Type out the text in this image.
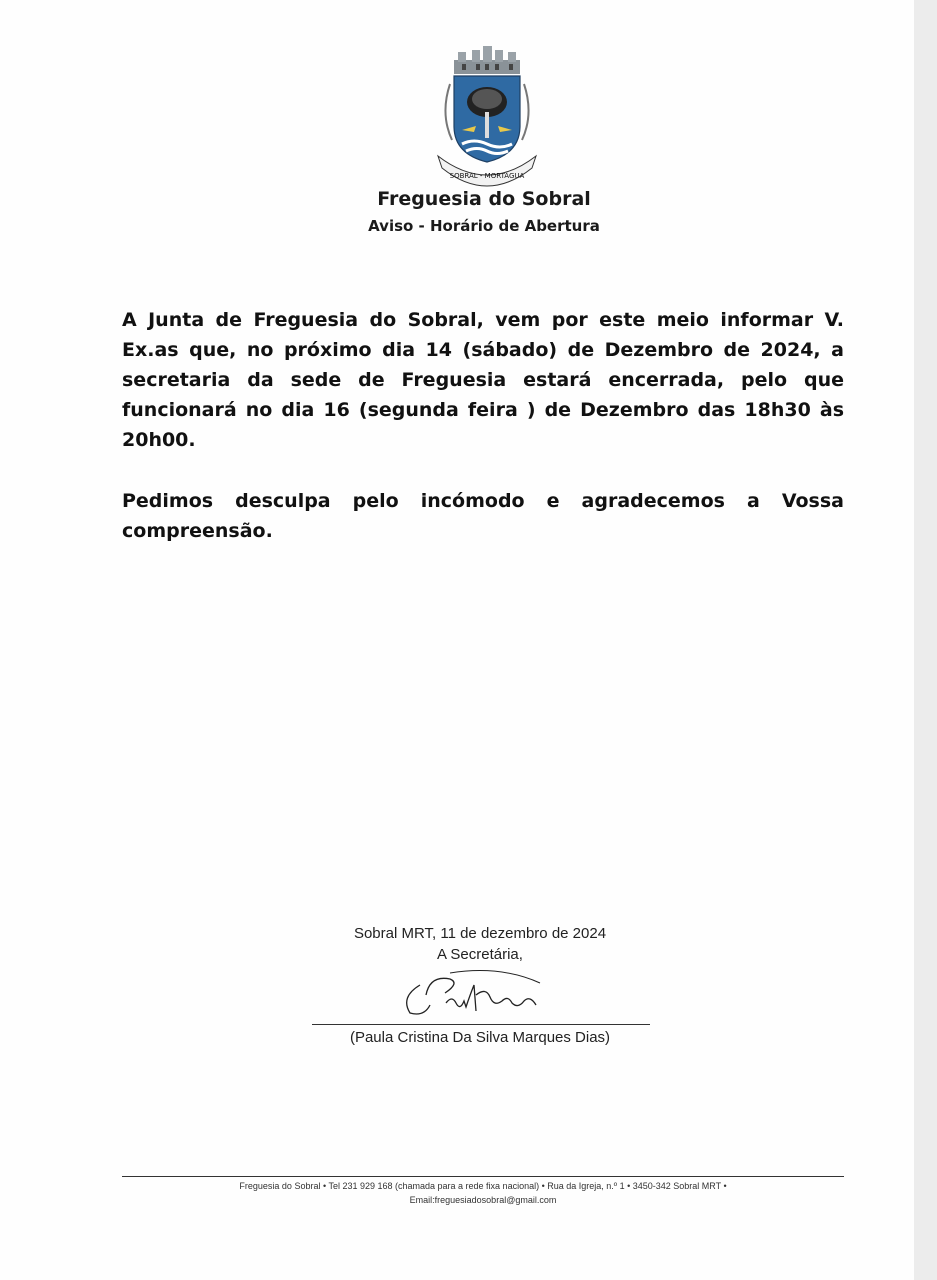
SOBRAL - MORTÁGUA
Freguesia do Sobral
Aviso - Horário de Abertura
A Junta de Freguesia do Sobral, vem por este meio informar V. Ex.as que, no próximo dia 14 (sábado) de Dezembro de 2024, a secretaria da sede de Freguesia estará encerrada, pelo que funcionará no dia 16 (segunda feira ) de Dezembro das 18h30 às 20h00.
Pedimos desculpa pelo incómodo e agradecemos a Vossa compreensão.
Sobral MRT, 11 de dezembro de 2024
A Secretária,
(Paula Cristina Da Silva Marques Dias)
Freguesia do Sobral • Tel 231 929 168 (chamada para a rede fixa nacional) • Rua da Igreja, n.º 1 • 3450-342 Sobral MRT •
Email:freguesiadosobral@gmail.com
